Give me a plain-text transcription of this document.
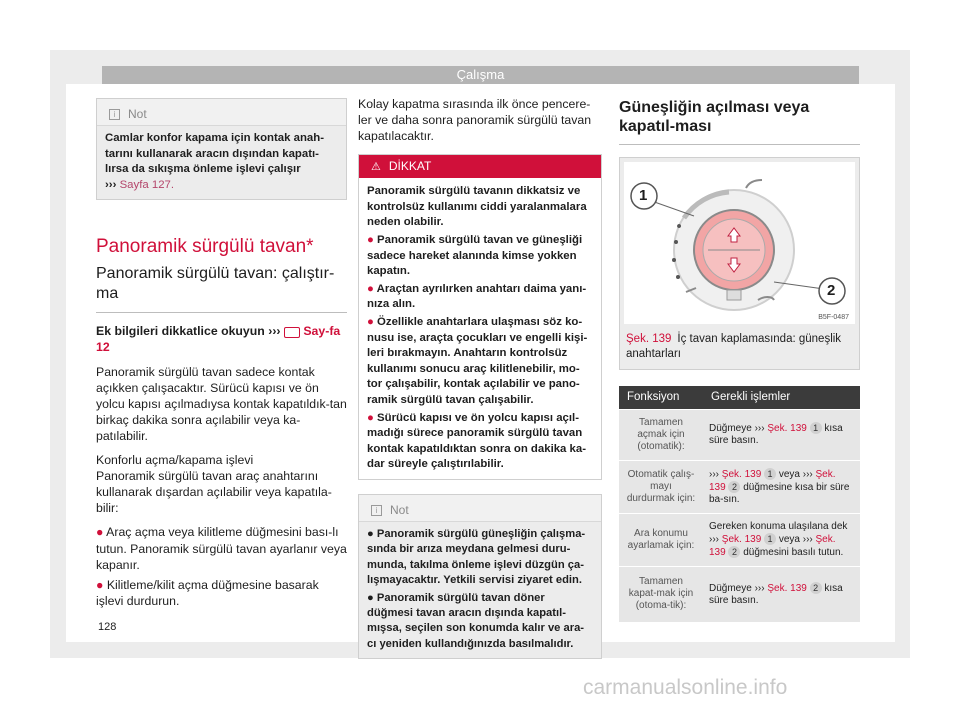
Çalışma
i Not
Camlar konfor kapama için kontak anah-tarını kullanarak aracın dışından kapatı-lırsa da sıkışma önleme işlevi çalışır
››› Sayfa 127.
Panoramik sürgülü tavan*
Panoramik sürgülü tavan: çalıştır-ma

Ek bilgileri dikkatlice okuyun ››› Say-fa 12

Panoramik sürgülü tavan sadece kontak açıkken çalışacaktır. Sürücü kapısı ve ön yolcu kapısı açılmadıysa kontak kapatıldık-tan birkaç dakika sonra açılabilir veya ka-patılabilir.

Konforlu açma/kapama işlevi

Panoramik sürgülü tavan araç anahtarını kullanarak dışardan açılabilir veya kapatıla-bilir:

● Araç açma veya kilitleme düğmesini bası-lı tutun. Panoramik sürgülü tavan ayarlanır veya kapanır.

● Kilitleme/kilit açma düğmesine basarak işlevi durdurun.

Kolay kapatma sırasında ilk önce pencere-ler ve daha sonra panoramik sürgülü tavan kapatılacaktır.

⚠ DİKKAT
Panoramik sürgülü tavanın dikkatsiz ve kontrolsüz kullanımı ciddi yaralanmalara neden olabilir.
● Panoramik sürgülü tavan ve güneşliği sadece hareket alanında kimse yokken kapatın.
● Araçtan ayrılırken anahtarı daima yanı-nıza alın.
● Özellikle anahtarlara ulaşması söz ko-nusu ise, araçta çocukları ve engelli kişi-leri bırakmayın. Anahtarın kontrolsüz kullanımı sonucu araç kilitlenebilir, mo-tor çalışabilir, kontak açılabilir ve pano-ramik sürgülü tavan çalışabilir.
● Sürücü kapısı ve ön yolcu kapısı açıl-madığı sürece panoramik sürgülü tavan kontak kapatıldıktan sonra on dakika ka-dar süreyle çalıştırılabilir.
i Not
● Panoramik sürgülü güneşliğin çalışma-sında bir arıza meydana gelmesi duru-munda, takılma önleme işlevi düzgün ça-lışmayacaktır. Yetkili servisi ziyaret edin.
● Panoramik sürgülü tavan döner düğmesi tavan aracın dışında kapatıl-mışsa, seçilen son konumda kalır ve ara-cı yeniden kullandığınızda basılmalıdır.
Güneşliğin açılması veya kapatıl-ması
1
2
B5F-0487
Şek. 139 İç tavan kaplamasında: güneşlik anahtarları
Fonksiyon	Gerekli işlemler
Tamamen açmak için (otomatik):	Düğmeye ››› Şek. 139 1 kısa süre basın.
Otomatik çalış-mayı durdurmak için:	››› Şek. 139 1 veya ››› Şek. 139 2 düğmesine kısa bir süre ba-sın.
Ara konumu ayarlamak için:	Gereken konuma ulaşılana dek ››› Şek. 139 1 veya ››› Şek. 139 2 düğmesini basılı tutun.
Tamamen kapat-mak için (otoma-tik):	Düğmeye ››› Şek. 139 2 kısa süre basın.
128
carmanualsonline.info
